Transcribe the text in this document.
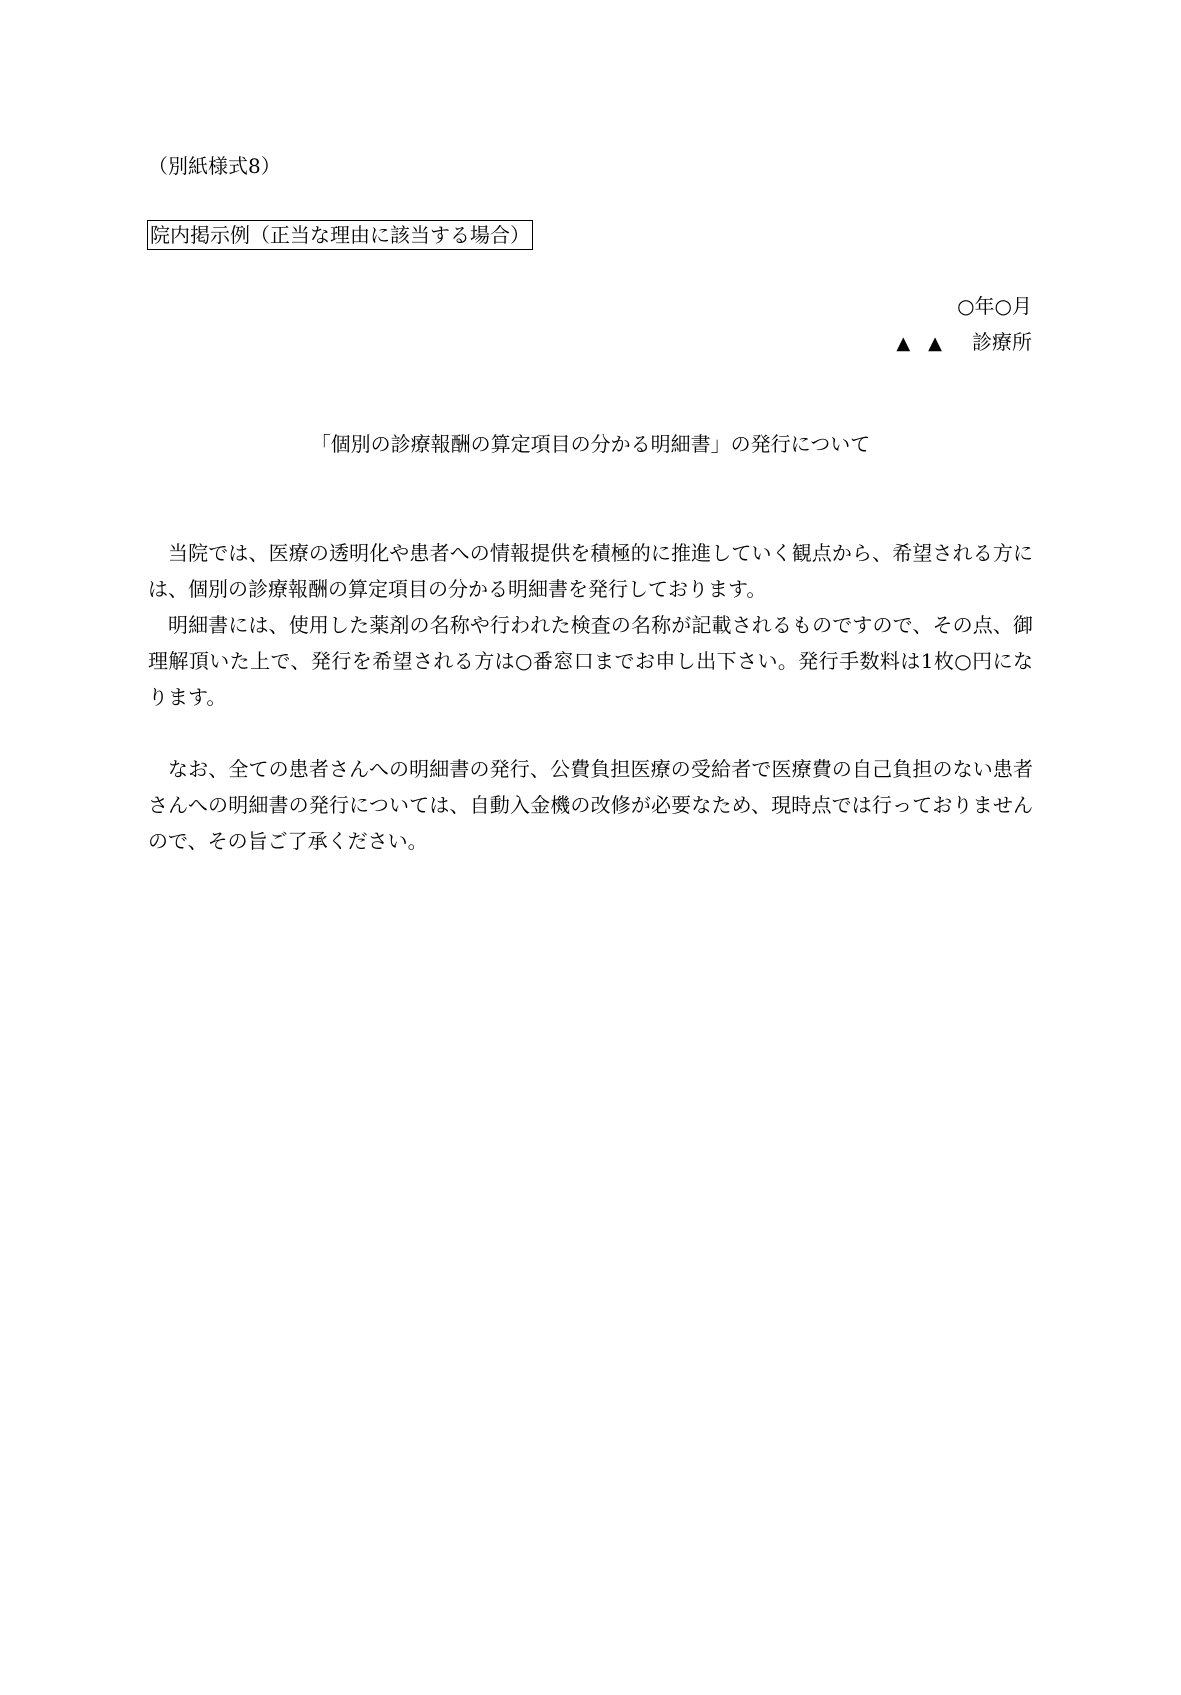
（別紙様式8）
院内掲示例（正当な理由に該当する場合）
○年○月
▲ ▲ 診療所
「個別の診療報酬の算定項目の分かる明細書」の発行について

当院では、医療の透明化や患者への情報提供を積極的に推進していく観点から、希望される方には、個別の診療報酬の算定項目の分かる明細書を発行しております。

明細書には、使用した薬剤の名称や行われた検査の名称が記載されるものですので、その点、御理解頂いた上で、発行を希望される方は○番窓口までお申し出下さい。発行手数料は1枚○円になります。

なお、全ての患者さんへの明細書の発行、公費負担医療の受給者で医療費の自己負担のない患者さんへの明細書の発行については、自動入金機の改修が必要なため、現時点では行っておりませんので、その旨ご了承ください。
